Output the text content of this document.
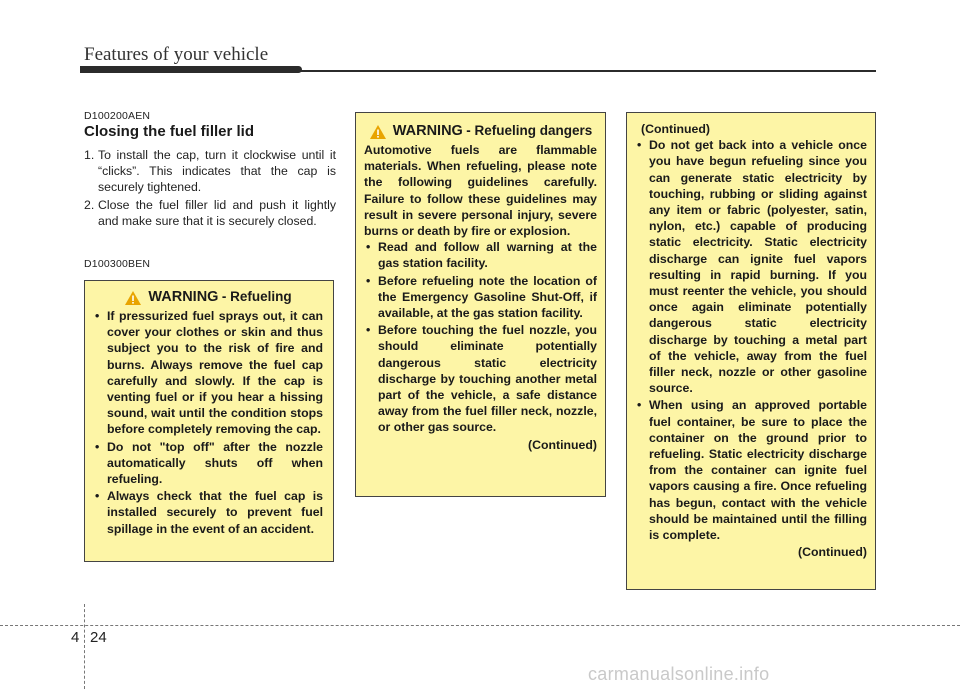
Features of your vehicle
D100200AEN
Closing the fuel filler lid
1. To install the cap, turn it clockwise until it “clicks”. This indicates that the cap is securely tightened.
2. Close the fuel filler lid and push it lightly and make sure that it is securely closed.
D100300BEN
WARNING - Refueling
• If pressurized fuel sprays out, it can cover your clothes or skin and thus subject you to the risk of fire and burns. Always remove the fuel cap carefully and slowly. If the cap is venting fuel or if you hear a hissing sound, wait until the condition stops before completely removing the cap.
• Do not "top off" after the nozzle automatically shuts off when refueling.
• Always check that the fuel cap is installed securely to prevent fuel spillage in the event of an accident.
WARNING - Refueling dangers
Automotive fuels are flammable materials. When refueling, please note the following guidelines carefully. Failure to follow these guidelines may result in severe personal injury, severe burns or death by fire or explosion.
• Read and follow all warning at the gas station facility.
• Before refueling note the location of the Emergency Gasoline Shut-Off, if available, at the gas station facility.
• Before touching the fuel nozzle, you should eliminate potentially dangerous static electricity discharge by touching another metal part of the vehicle, a safe distance away from the fuel filler neck, nozzle, or other gas source.
(Continued)
(Continued)
• Do not get back into a vehicle once you have begun refueling since you can generate static electricity by touching, rubbing or sliding against any item or fabric (polyester, satin, nylon, etc.) capable of producing static electricity. Static electricity discharge can ignite fuel vapors resulting in rapid burning. If you must reenter the vehicle, you should once again eliminate potentially dangerous static electricity discharge by touching a metal part of the vehicle, away from the fuel filler neck, nozzle or other gasoline source.
• When using an approved portable fuel container, be sure to place the container on the ground prior to refueling. Static electricity discharge from the container can ignite fuel vapors causing a fire. Once refueling has begun, contact with the vehicle should be maintained until the filling is complete.
(Continued)
4 24
carmanualsonline.info
